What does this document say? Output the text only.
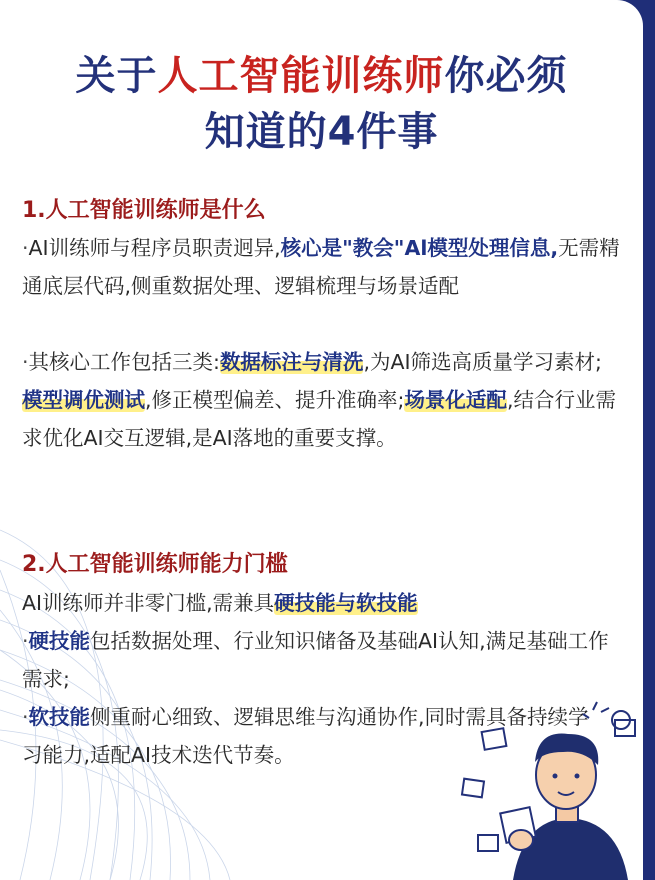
关于人工智能训练师你必须
知道的4件事
1.人工智能训练师是什么
·AI训练师与程序员职责迥异,核心是"教会"Al模型处理信息,无需精通底层代码,侧重数据处理、逻辑梳理与场景适配
·其核心工作包括三类:数据标注与清洗,为AI筛选高质量学习素材;模型调优测试,修正模型偏差、提升准确率;场景化适配,结合行业需求优化AI交互逻辑,是AI落地的重要支撑。
2.人工智能训练师能力门槛
AI训练师并非零门槛,需兼具硬技能与软技能
·硬技能包括数据处理、行业知识储备及基础AI认知,满足基础工作需求;
·软技能侧重耐心细致、逻辑思维与沟通协作,同时需具备持续学习能力,适配AI技术迭代节奏。
